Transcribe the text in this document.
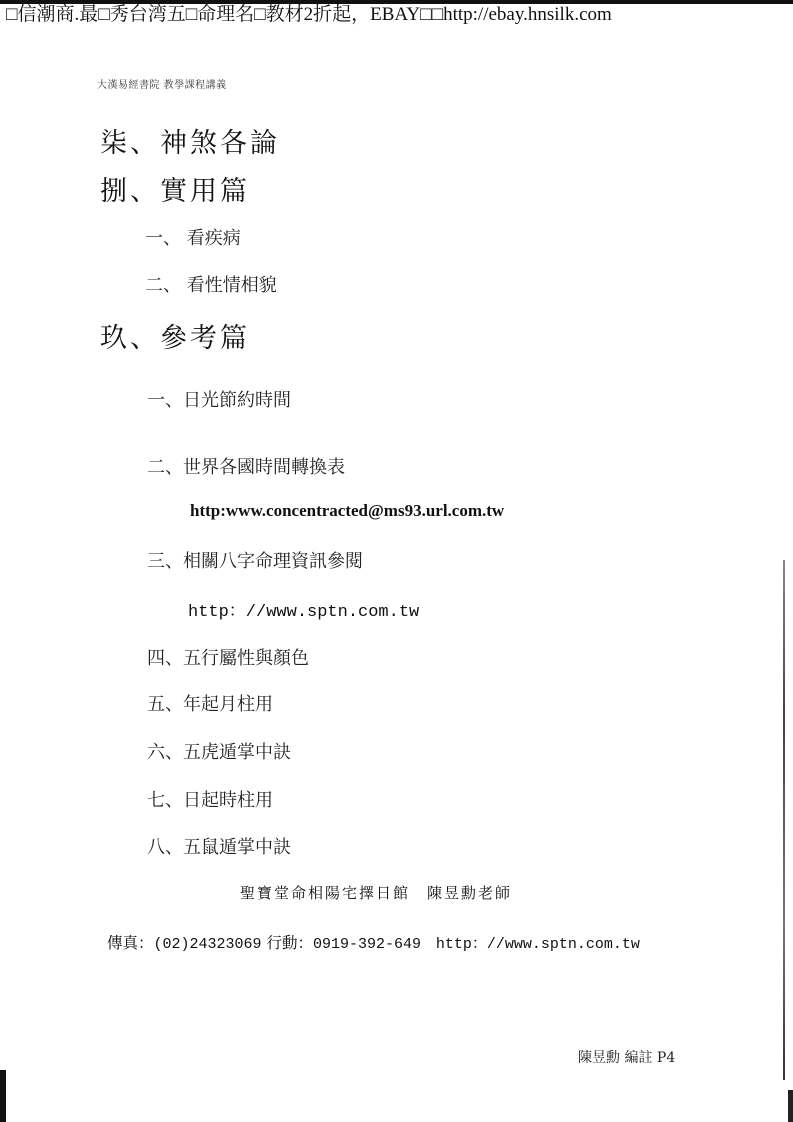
□信潮商.最□秀台湾五□命理名□教材2折起，EBAY□□http://ebay.hnsilk.com
大漢易經書院 教學課程講義
柒、神煞各論
捌、實用篇
一、 看疾病
二、 看性情相貌
玖、參考篇
一、日光節約時間
二、世界各國時間轉換表
http:www.concentracted@ms93.url.com.tw
三、相關八字命理資訊參閱
http：//www.sptn.com.tw
四、五行屬性與顏色
五、年起月柱用
六、五虎遁掌中訣
七、日起時柱用
八、五鼠遁掌中訣
聖寶堂命相陽宅擇日館　陳昱勳老師
傳真：(02)24323069 行動：0919-392-649 http：//www.sptn.com.tw
陳昱勳 編註 P4
